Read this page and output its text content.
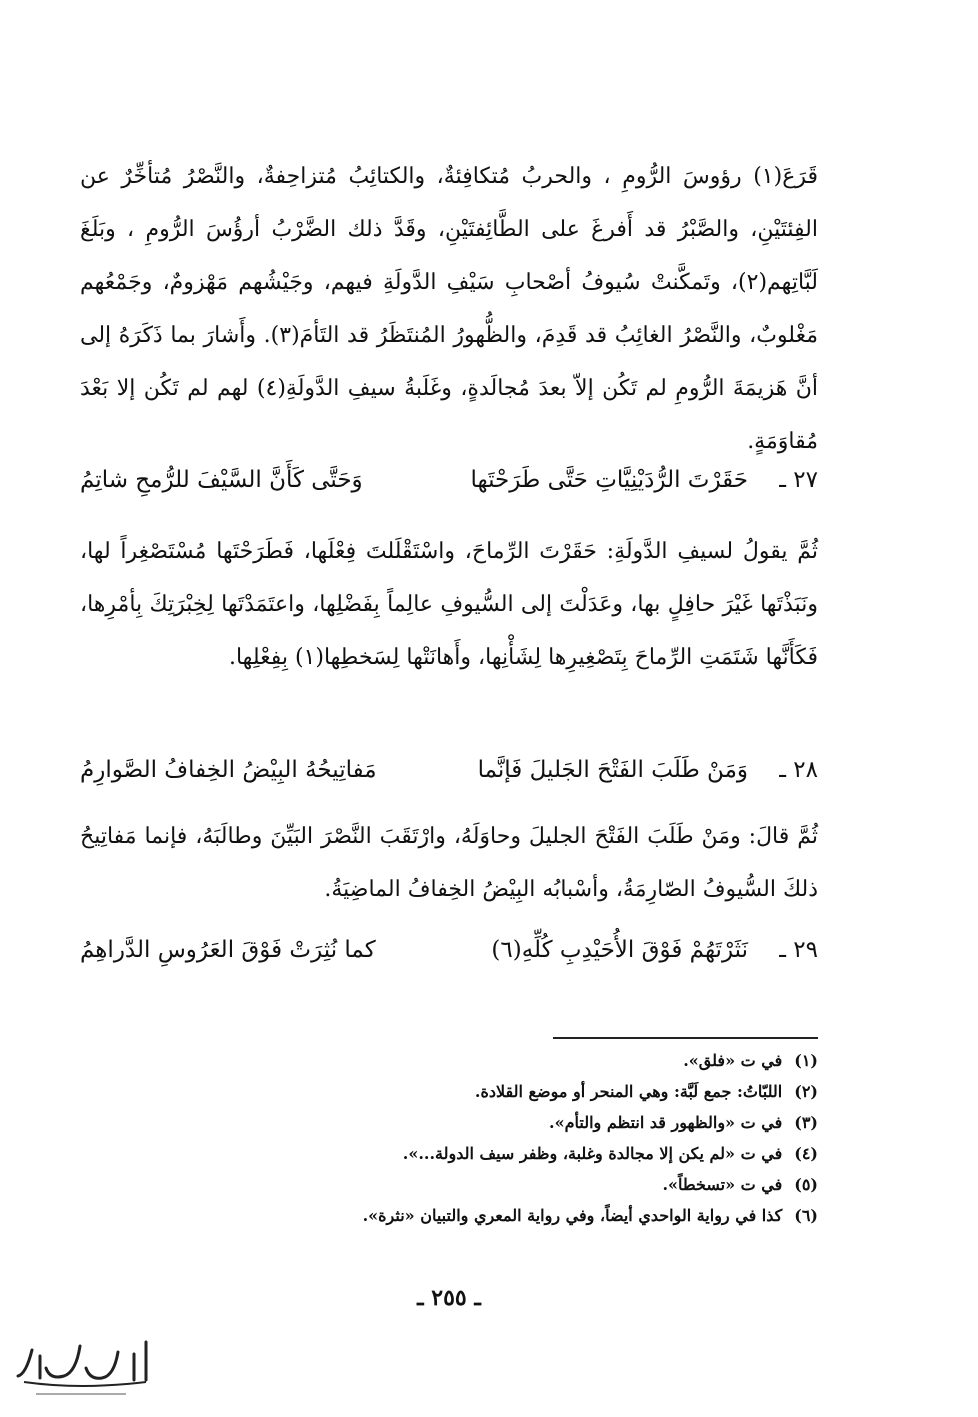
قَرَعَ(١) رؤوسَ الرُّومِ ، والحربُ مُتكافِئةٌ، والكتائِبُ مُتزاحِفةٌ، والنَّصْرُ مُتأخِّرٌ عن الفِئتَيْنِ، والصَّبْرُ قد أَفرغَ على الطَّائِفتَيْنِ، وقَدَّ ذلك الضَّرْبُ أرؤُسَ الرُّومِ ، وبَلَغَ لَبَّاتِهم(٢)، وتَمكَّنتْ سُيوفُ أصْحابِ سَيْفِ الدَّولَةِ فيهم، وجَيْشُهم مَهْزومٌ، وجَمْعُهم مَغْلوبٌ، والنَّصْرُ الغائِبُ قد قَدِمَ، والظُّهورُ المُنتَظَرُ قد التَأمَ(٣). وأَشارَ بما ذَكَرَهُ إلى أنَّ هَزيمَةَ الرُّومِ لم تَكُن إلاّ بعدَ مُجالَدةٍ، وغَلَبةُ سيفِ الدَّولَةِ(٤) لهم لم تَكُن إلا بَعْدَ مُقاوَمَةٍ.

٢٧ ـ
حَقَرْتَ الرُّدَيْنِيَّاتِ حَتَّى طَرَحْتَها
وَحَتَّى كَأَنَّ السَّيْفَ للرُّمحِ شاتِمُ

ثُمَّ يقولُ لسيفِ الدَّولَةِ: حَقَرْتَ الرِّماحَ، واسْتَقْلَلتَ فِعْلَها، فَطَرَحْتَها مُسْتَصْغِراً لها، ونَبَذْتَها غَيْرَ حافِلٍ بها، وعَدَلْتَ إلى السُّيوفِ عالِماً بِفَضْلِها، واعتَمَدْتَها لِخِبْرَتِكَ بِأمْرِها، فَكَأَنَّها شَتَمَتِ الرِّماحَ بِتَصْغِيرِها لِشَأْنِها، وأَهانَتْها لِسَخطِها(١) بِفِعْلِها.

٢٨ ـ
وَمَنْ طَلَبَ الفَتْحَ الجَليلَ فَإنَّما
مَفاتِيحُهُ البِيْضُ الخِفافُ الصَّوارِمُ

ثُمَّ قالَ: ومَنْ طَلَبَ الفَتْحَ الجليلَ وحاوَلَهُ، وارْتَقَبَ النَّصْرَ البَيِّنَ وطالَبَهُ، فإنما مَفاتِيحُ ذلكَ السُّيوفُ الصّارِمَةُ، وأسْبابُه البِيْضُ الخِفافُ الماضِيَةُ.

٢٩ ـ
نَثَرْتَهُمْ فَوْقَ الأُحَيْدِبِ كُلِّهِ(٦)
كما نُثِرَتْ فَوْقَ العَرُوسِ الدَّراهِمُ
(١)في ت «فلق».
(٢)اللبّاتُ: جمع لَبَّة: وهي المنحر أو موضع القلادة.
(٣)في ت «والظهور قد انتظم والتأم».
(٤)في ت «لم يكن إلا مجالدة وغلبة، وظفر سيف الدولة...».
(٥)في ت «تسخطاً».
(٦)كذا في رواية الواحدي أيضاً، وفي رواية المعري والتبيان «نثرة».
ـ ٢٥٥ ـ
